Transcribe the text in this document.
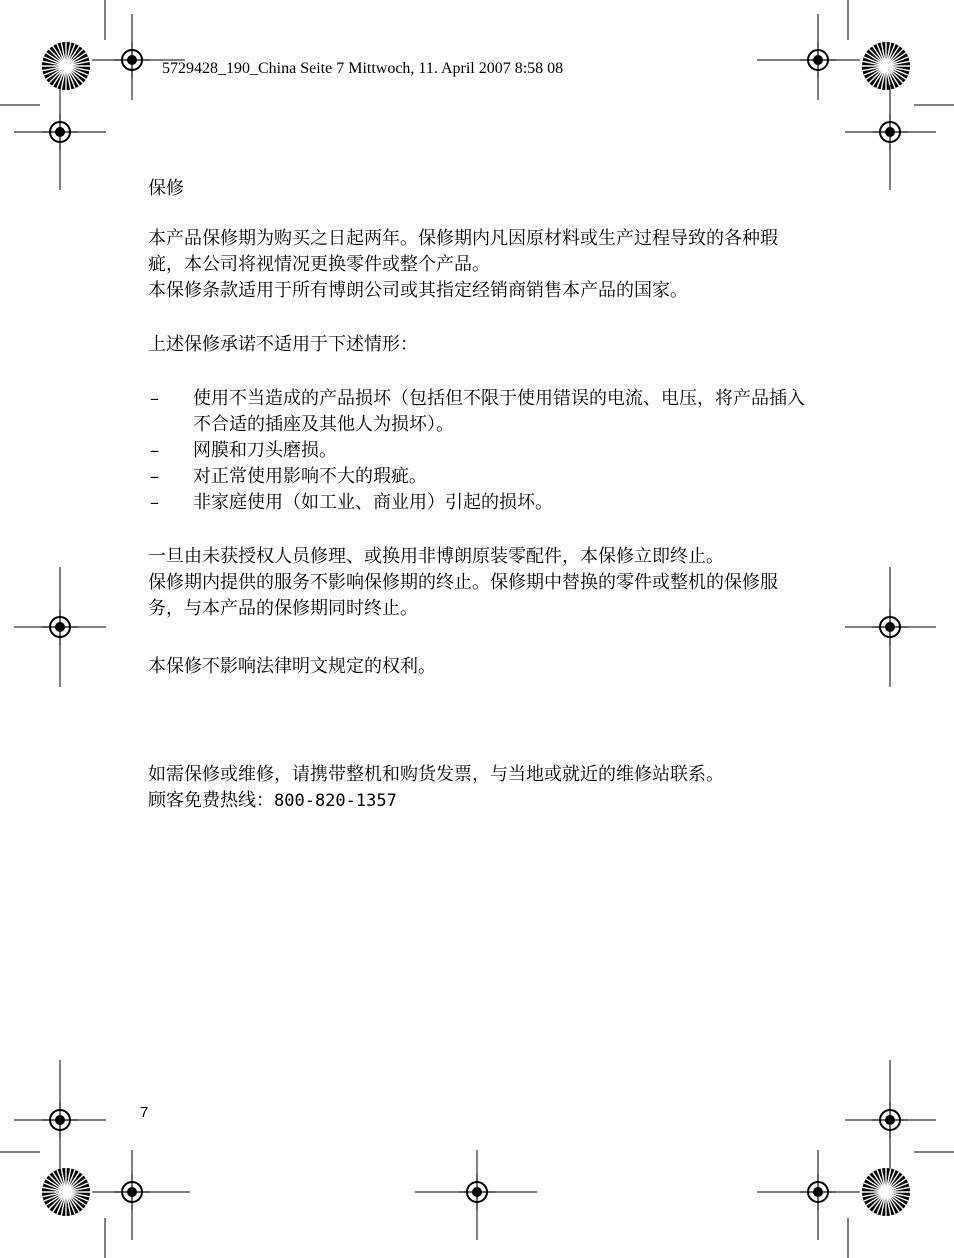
5729428_190_China Seite 7 Mittwoch, 11. April 2007 8:58 08

保修

本产品保修期为购买之日起两年。保修期内凡因原材料或生产过程导致的各种瑕疵，本公司将视情况更换零件或整个产品。

本保修条款适用于所有博朗公司或其指定经销商销售本产品的国家。

上述保修承诺不适用于下述情形：

– 使用不当造成的产品损坏（包括但不限于使用错误的电流、电压，将产品插入不合适的插座及其他人为损坏）。
– 网膜和刀头磨损。
– 对正常使用影响不大的瑕疵。
– 非家庭使用（如工业、商业用）引起的损坏。

一旦由未获授权人员修理、或换用非博朗原装零配件，本保修立即终止。

保修期内提供的服务不影响保修期的终止。保修期中替换的零件或整机的保修服务，与本产品的保修期同时终止。

本保修不影响法律明文规定的权利。

如需保修或维修，请携带整机和购货发票，与当地或就近的维修站联系。

顾客免费热线：800-820-1357

7
